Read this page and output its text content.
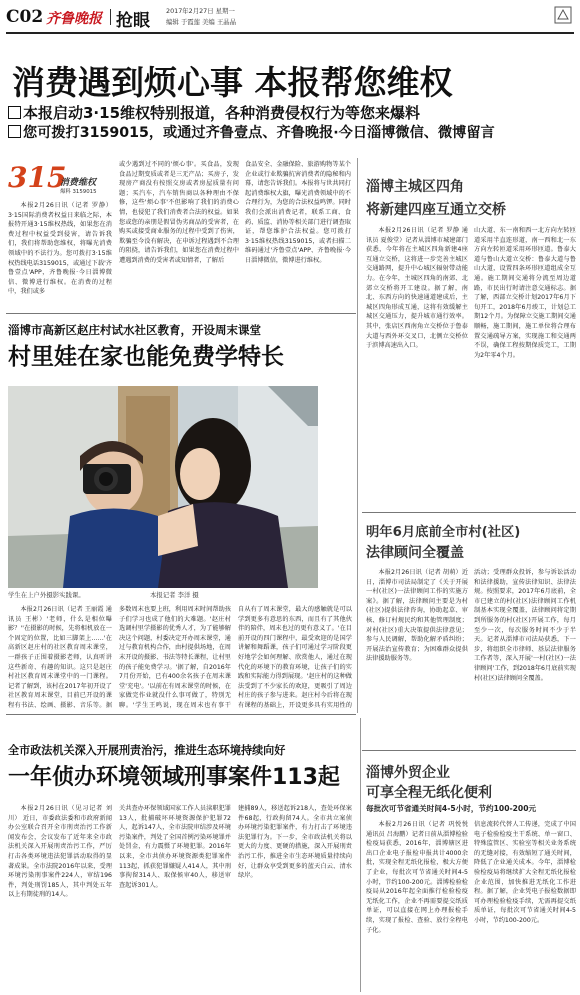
C02 齐鲁晚报 抢眼	2017年2月27日 星期一
编辑 于霞莲 美编 王晶晶
消费遇到烦心事 本报帮您维权
本报启动3·15维权特别报道，各种消费侵权行为等您来爆料
您可拨打3159015，或通过齐鲁壹点、齐鲁晚报·今日淄博微信、微博留言
315
消费维权
爆料 3159015

本报2月26日讯（记者 罗静）3·15国际消费者权益日来临之际，本报特开通3·15维权热线，如果您在消费过程中权益受到侵害，请告诉我们，我们将帮助您维权，将曝光消费领域中的不法行为。您可拨打3·15维权热线电话3159015，或通过下载'齐鲁壹点'APP，齐鲁晚报·今日淄博微信、微博进行维权。在消费的过程中，我们或多

或少遇到过不同的'烦心事'。买食品，发现食品过期变质或者是三无产品；买房子，发现房产商没有按照交房或者房屋质量有问题；买汽车，汽车销售商以各种理由不保修，这些'烦心事'不但影响了我们的消费心情，也侵犯了我们消费者合法的权益。如果您或您的亲朋是假冒伪劣商品的受害者，在购买或接受商业服务的过程中受到了伤害，欺骗至今没有解决，在申诉过程遇到不合理的阻挠，请告诉我们，如果您在消费过程中遭遇到消费的受害者或知情者，了解后

食品安全、金融保险、旅游购物等某个企业或行业欺骗抗害消费者的隐秘和内幕，请您告诉我们。本报将与世共同打起消费维权大旗，曝光消费领域中的不合理行为，为您的合法权益鸣锣。同时我们会派出消费记者，联系工商、食药、质监、消协等相关部门进行调查取证，帮您维护合法权益。您可拨打3·15维权热线3159015，或者扫描二维码通过'齐鲁壹点'APP、齐鲁晚报·今日淄博微信，微博进行维权。

淄博市高新区赵庄村试水社区教育，开设周末课堂
村里娃在家也能免费学特长
学生在上户外摄影实践课。	本报记者 李洋 摄

本报2月26日讯（记者 王丽霞 通讯员 王彬）'老师，什么是相位曝影？''在摄影的时候，先将相机放在一个固定的位置，比如三脚架上……'在高新区赵庄村的社区教育周末课堂，一群孩子正围着摄影老师，认真听讲这些新奇、有趣的知识。这只是赵庄村社区教育周末课堂中的一门课程。记者了解到，该村在2017年初开设了社区教育周末课堂，目前已开设的课程有书法、绘画、摄影、音乐等。据

多数周末也要上班，利用周末时间帮助孩子们学习也成了他们的大难题。'赵庄村选调村里学摄影的优秀人才，为了能够解决这个问题，村委决定开办周末课堂，通过与教育机构合作，由村提供场地，在周末开设的摄影、书法等特长课程，让村里的孩子能免费学习。'据了解，自2016年7月份开始，已有400余名孩子在周末课堂'充电'。'以前在有周末课堂的时候，在家做完作业就没什么事可做了，特别无聊。'学生王鸣说，现在周末也有事干

自从有了周末课堂，最大的感触就是可以学到更多有意思的东西，而且有了其他伙伴的陪伴，周末也过的更有意义了。'在目前开设的四门课程中，最受欢迎的是国学讲解和舞蹈课，孩子们可通过学习阶段更好地学会如何理解、欣赏他人，通过在现代化的环境下的教育环境，让孩子们的实践和实际能力得到展现。'赵庄村的这种做法受到了不少家长的欢迎，更吸引了周边村庄的孩子参与进来。赵庄村今后将在现有课程的基础上，开设更多具有实用性的

全市政法机关深入开展刑责治污，推进生态环境持续向好
一年侦办环境领域刑事案件113起

本报2月26日讯（见习记者 刘川） 近日，市委政法委和市政府新闻办公室联合召开全市刑责治污工作新闻发布会，会议发布了近年来全市政法机关深入开展刑责治污工作，严厉打击各类环境违法犯罪活动取得的显著成果。全市法院2016年以来，受理环境污染刑事案件224人，审结196件，判处刑罚185人，其中判处五年以上有期徒刑的14人。

关共查办环保领域国家工作人员渎职犯罪13人，批捕破坏环境资源保护犯罪72人，起诉147人，全市法院审结涉及环境污染案件，判处了全国首例污染环境罪并处罚金，有力震慑了环境犯罪。2016年以来，全市共侦办环境资源类犯罪案件113起，抓获犯罪嫌疑人414人，其中刑事拘留314人、取保候审40人，移送审查起诉301人。

建捕89人，移送起诉218人，查处环保案件68起，行政拘留74人。全市共立案侦办环境污染犯罪案件，有力打击了环境违法犯罪行为。下一步，全市政法机关将以更大的力度、更硬的措施，深入开展刑责治污工作，推进全市生态环境质量持续向好，让群众享受到更多的蓝天白云、清水绿岸。

淄博主城区四角
将新建四座互通立交桥

本报2月26日讯（记者 罗静 通讯员 夏俊堂）记者从淄博市城建部门获悉，今年将在主城区四角新建4座互通立交桥，这将进一步完善主城区交通路网，提升中心城区辐射带动能力。在今年，主城区四角的南郊、北郊立交桥将开工建设。据了解，南北、东西方向的快速通道建成后，主城区四角形成互通，这将有效缓解主城区交通压力，提升城市通行效率。其中，张店区西南角立交桥位于鲁泰大道与西外环交叉口，北侧立交桥位于滨博高速出入口。

山大道、东一南和西一北方向左转匝道采用半直连形道，南一西和北一东方向左转匝道采用环形匝道。鲁泰大道与鲁山大道立交桥：鲁泰大道与鲁山大道，设置四条环形匝道组成全互通。施工期间交通将分流至周边道路，市民出行时请注意交通标志。据了解，西部立交桥计划2017年6月下旬开工，2018年6月竣工，计划总工期12个月。为保障立交施工期间交通顺畅，施工期间，施工单位将合理布置交通疏导方案，实现施工和交通两不误，确保工程按期保质完工，工期为2年零4个月。

明年6月底前全市村(社区)
法律顾问全覆盖

本报2月26日讯（记者 胡萌）近日，淄博市司法局制定了《关于开展一村(社区)一法律顾问工作的实施方案》。据了解，法律顾问主要是为村(社区)提供法律咨询，协助起草、审核、修订村规民约和其他管理制度；对村(社区)重大决策提供法律意见；参与人民调解，帮助化解矛盾纠纷；开展法治宣传教育；为困难群众提供法律援助服务等。

活动；受理群众投诉，参与诉讼活动和法律援助，宣传法律知识、法律法规。按照要求，2017年6月底前，全市已建立的村(社区)法律顾问工作机制基本实现全覆盖，法律顾问将定期到所服务的村(社区)开展工作，每月至少一次，每次服务时间不少于半天。记者从淄博市司法局获悉，下一步，将组织全市律师、基层法律服务工作者等，深入开展'一村(社区)一法律顾问'工作，到2018年6月底前实现村(社区)法律顾问全覆盖。

淄博外贸企业
可享全程无纸化便利
每批次可节省通关时间4-5小时，节约100-200元

本报2月26日讯（记者 巩悦悦 通讯员 吕海鹏）记者日前从淄博检验检疫局获悉，2016年，淄博辖区进出口企业电子报检申报共计4000余批，实现全程无纸化报检，极大方便了企业，每批次可节省通关时间4-5小时，节约100-200元。淄博检验检疫局从2016年起全面推行检验检疫无纸化工作，企业不再需要提交纸质单证，可以直接在网上办理报检手续，实现了报检、查验、放行全程电子化。

信息流转代替人工传递，完成了中国电子检验检疫主干系统、单一窗口、特殊监管区、实验室等相关业务系统的无缝对接，有效缩短了通关时间，降低了企业通关成本。今年，淄博检验检疫局将继续扩大全程无纸化报检企业范围，加快推进无纸化工作进程。据了解，企业凭电子报检数据即可办理检验检疫手续，无需再提交纸质单证，每批次可节省通关时间4-5小时，节约100-200元。
